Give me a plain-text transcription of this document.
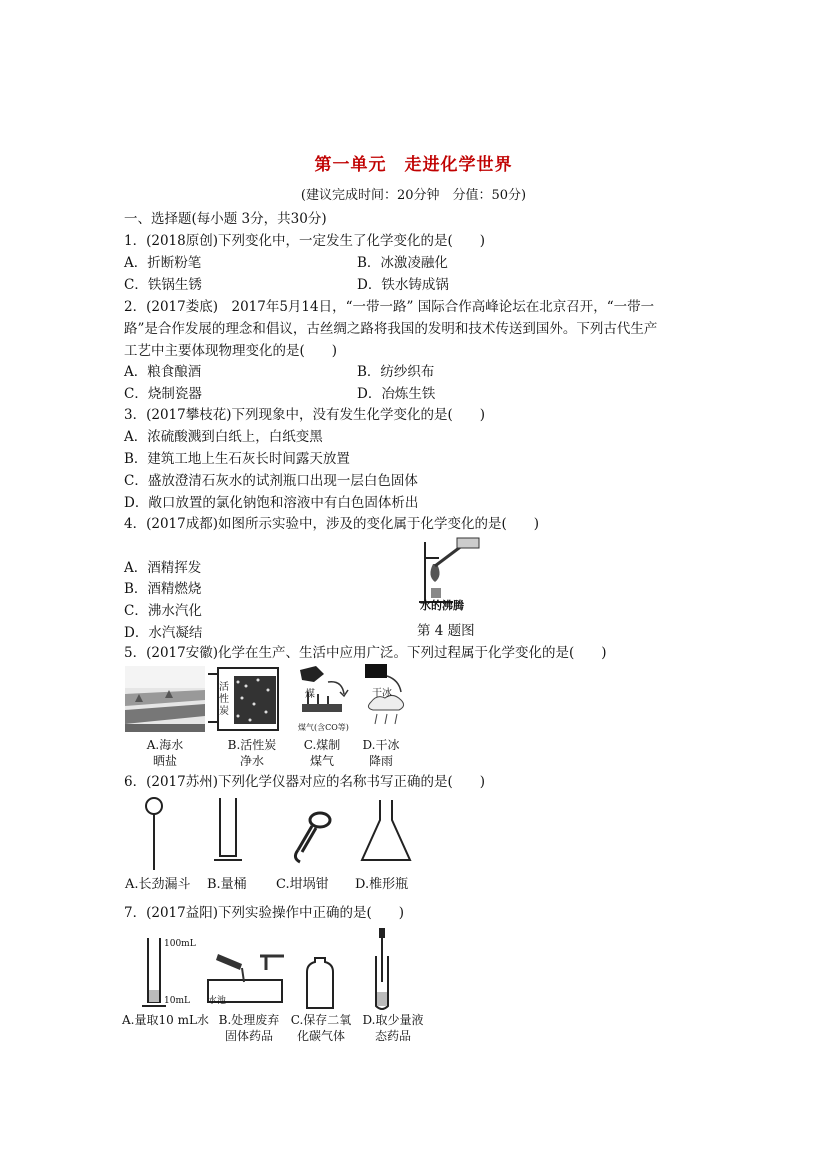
第一单元　走进化学世界
(建议完成时间：20分钟　分值：50分)
一、选择题(每小题 3分，共30分)
1．(2018原创)下列变化中，一定发生了化学变化的是(　　)
A．折断粉笔	B．冰激凌融化
C．铁锅生锈	D．铁水铸成锅
2．(2017娄底)　2017年5月14日，“一带一路” 国际合作高峰论坛在北京召开，“一带一
路”是合作发展的理念和倡议，古丝绸之路将我国的发明和技术传送到国外。下列古代生产
工艺中主要体现物理变化的是(　　)
A．粮食酿酒	B．纺纱织布
C．烧制瓷器	D．冶炼生铁
3．(2017攀枝花)下列现象中，没有发生化学变化的是(　　)
A．浓硫酸溅到白纸上，白纸变黑
B．建筑工地上生石灰长时间露天放置
C．盛放澄清石灰水的试剂瓶口出现一层白色固体
D．敞口放置的氯化钠饱和溶液中有白色固体析出
4．(2017成都)如图所示实验中，涉及的变化属于化学变化的是(　　)
A．酒精挥发
B．酒精燃烧
C．沸水汽化
D．水汽凝结
水的沸腾
第 4 题图
5．(2017安徽)化学在生产、生活中应用广泛。下列过程属于化学变化的是(　　)
活性炭
煤
煤气(含CO等)
干冰
A.海水
晒盐
B.活性炭
净水
C.煤制
煤气
D.干冰
降雨
6．(2017苏州)下列化学仪器对应的名称书写正确的是(　　)
A.长劲漏斗 B.量桶 C.坩埚钳 D.椎形瓶
7．(2017益阳)下列实验操作中正确的是(　　)
100mL
10mL 水池
A.量取10 mL水 B.处理废弃
固体药品
C.保存二氧
化碳气体
D.取少量液
态药品
